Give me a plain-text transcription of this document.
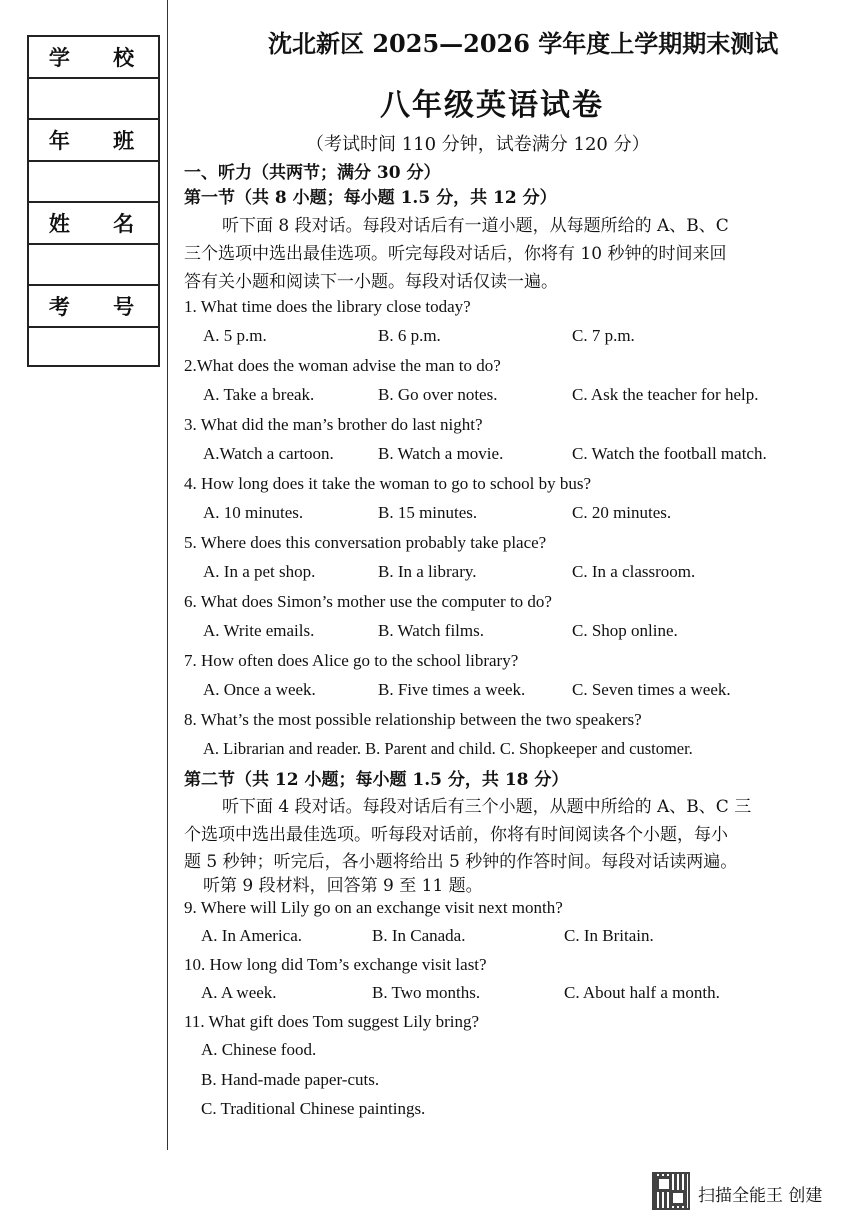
学 校
年 班
姓 名
考 号
沈北新区 2025—2026 学年度上学期期末测试
八年级英语试卷
（考试时间 110 分钟，试卷满分 120 分）
一、听力（共两节；满分 30 分）
第一节（共 8 小题；每小题 1.5 分，共 12 分）
听下面 8 段对话。每段对话后有一道小题，从每题所给的 A、B、C
三个选项中选出最佳选项。听完每段对话后，你将有 10 秒钟的时间来回
答有关小题和阅读下一小题。每段对话仅读一遍。
1. What time does the library close today?
A. 5 p.m.	B. 6 p.m.	C. 7 p.m.
2.What does the woman advise the man to do?
A. Take a break.	B. Go over notes.	C. Ask the teacher for help.
3. What did the man’s brother do last night?
A.Watch a cartoon.	B. Watch a movie.	C. Watch the football match.
4. How long does it take the woman to go to school by bus?
A. 10 minutes.	B. 15 minutes.	C. 20 minutes.
5. Where does this conversation probably take place?
A. In a pet shop.	B. In a library.	C. In a classroom.
6. What does Simon’s mother use the computer to do?
A. Write emails.	B. Watch films.	C. Shop online.
7. How often does Alice go to the school library?
A. Once a week.	B. Five times a week.	C. Seven times a week.
8. What’s the most possible relationship between the two speakers?
A. Librarian and reader. B. Parent and child. C. Shopkeeper and customer.
第二节（共 12 小题；每小题 1.5 分，共 18 分）
听下面 4 段对话。每段对话后有三个小题，从题中所给的 A、B、C 三
个选项中选出最佳选项。听每段对话前，你将有时间阅读各个小题，每小
题 5 秒钟；听完后，各小题将给出 5 秒钟的作答时间。每段对话读两遍。
听第 9 段材料，回答第 9 至 11 题。
9. Where will Lily go on an exchange visit next month?
A. In America.	B. In Canada.	C. In Britain.
10. How long did Tom’s exchange visit last?
A. A week.	B. Two months.	C. About half a month.
11. What gift does Tom suggest Lily bring?
A. Chinese food.
B. Hand-made paper-cuts.
C. Traditional Chinese paintings.
扫描全能王 创建
